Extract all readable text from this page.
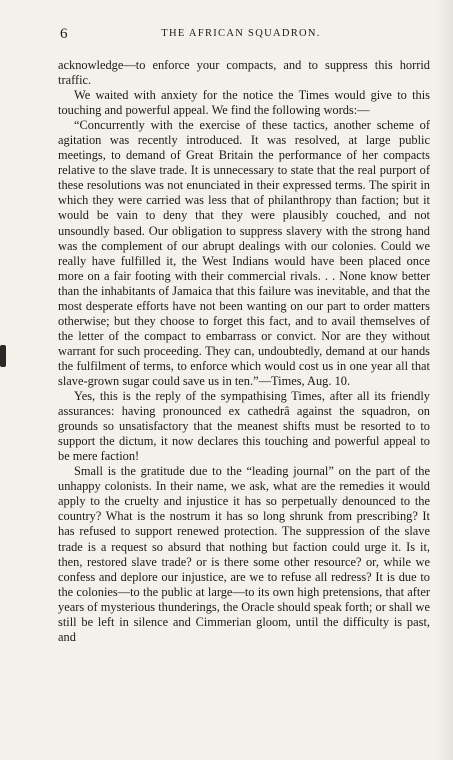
6	THE AFRICAN SQUADRON.

acknowledge—to enforce your compacts, and to suppress this horrid traffic.

We waited with anxiety for the notice the Times would give to this touching and powerful appeal. We find the following words:—

“Concurrently with the exercise of these tactics, another scheme of agitation was recently introduced. It was resolved, at large public meetings, to demand of Great Britain the performance of her compacts relative to the slave trade. It is unnecessary to state that the real purport of these resolutions was not enunciated in their expressed terms. The spirit in which they were carried was less that of philanthropy than faction; but it would be vain to deny that they were plausibly couched, and not unsoundly based. Our obligation to suppress slavery with the strong hand was the complement of our abrupt dealings with our colonies. Could we really have fulfilled it, the West Indians would have been placed once more on a fair footing with their commercial rivals. . . None know better than the inhabitants of Jamaica that this failure was inevitable, and that the most desperate efforts have not been wanting on our part to order matters otherwise; but they choose to forget this fact, and to avail themselves of the letter of the compact to embarrass or convict. Nor are they without warrant for such proceeding. They can, undoubtedly, demand at our hands the fulfilment of terms, to enforce which would cost us in one year all that slave-grown sugar could save us in ten.”—Times, Aug. 10.

Yes, this is the reply of the sympathising Times, after all its friendly assurances: having pronounced ex cathedrâ against the squadron, on grounds so unsatisfactory that the meanest shifts must be resorted to to support the dictum, it now declares this touching and powerful appeal to be mere faction!

Small is the gratitude due to the “leading journal” on the part of the unhappy colonists. In their name, we ask, what are the remedies it would apply to the cruelty and injustice it has so perpetually denounced to the country? What is the nostrum it has so long shrunk from prescribing? It has refused to support renewed protection. The suppression of the slave trade is a request so absurd that nothing but faction could urge it. Is it, then, restored slave trade? or is there some other resource? or, while we confess and deplore our injustice, are we to refuse all redress? It is due to the colonies—to the public at large—to its own high pretensions, that after years of mysterious thunderings, the Oracle should speak forth; or shall we still be left in silence and Cimmerian gloom, until the difficulty is past, and
